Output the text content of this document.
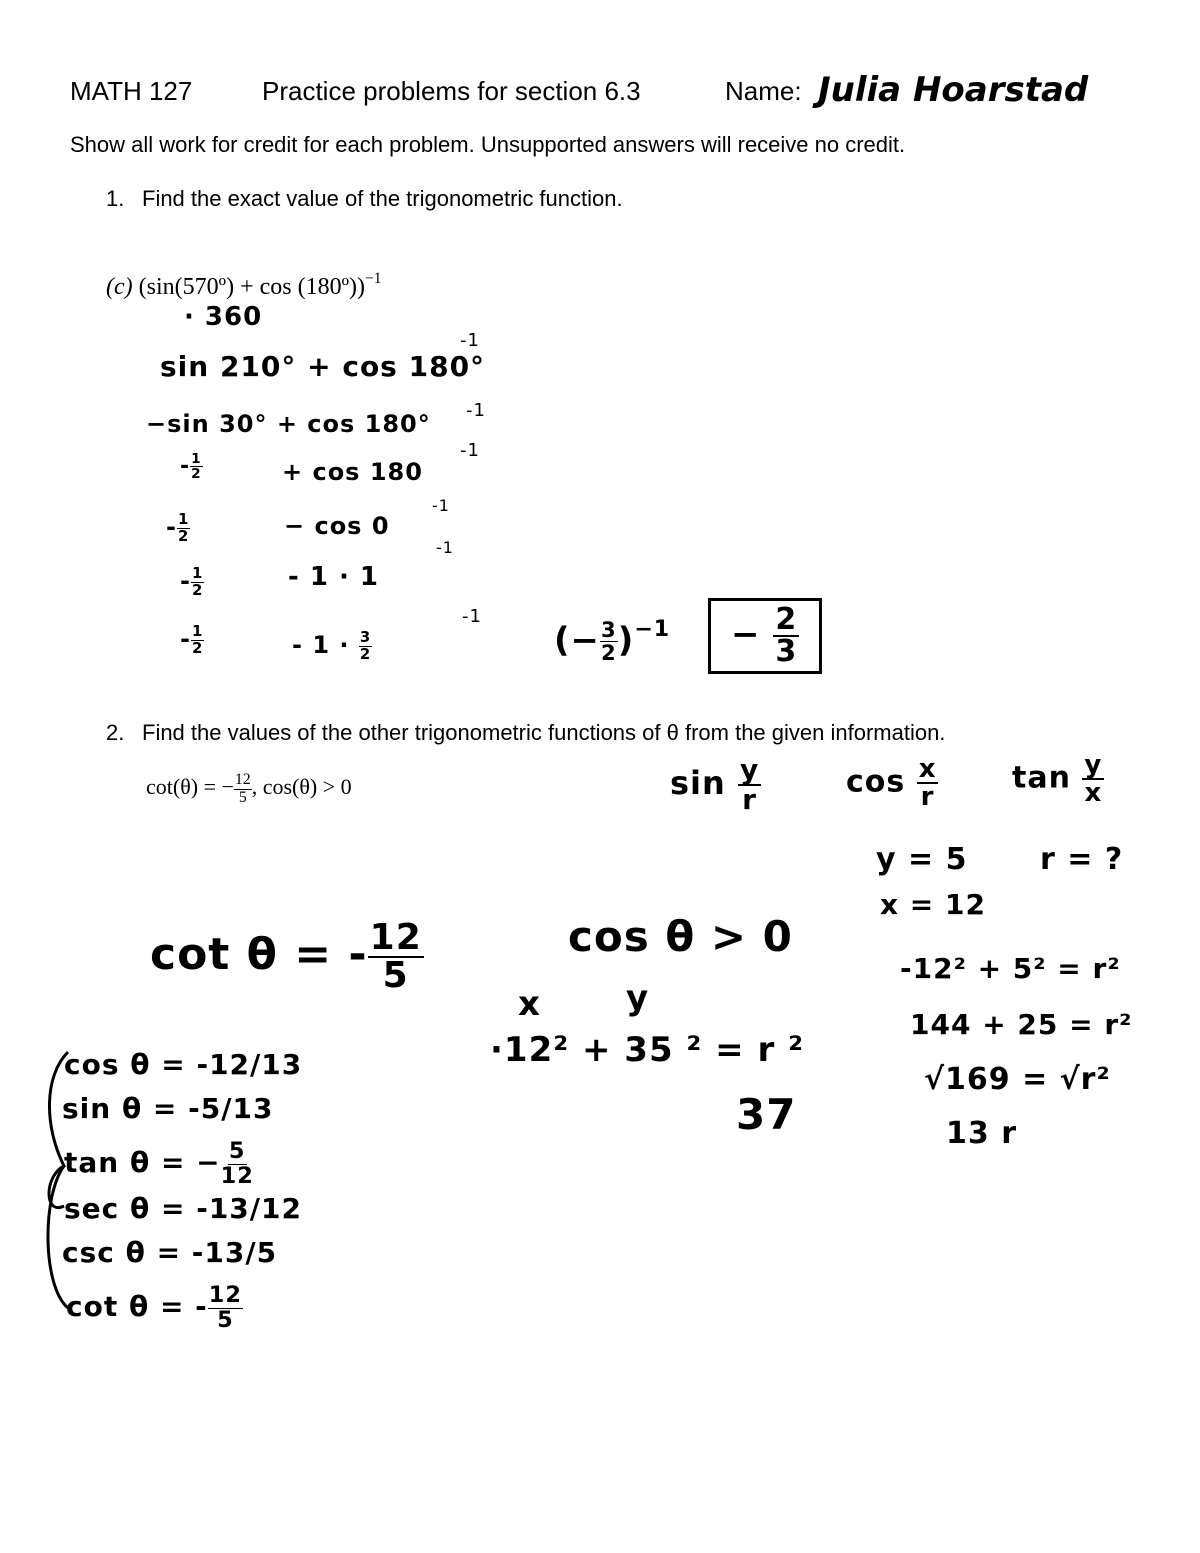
MATH 127	Practice problems for section 6.3	Name: Julia Hoarstad
Show all work for credit for each problem. Unsupported answers will receive no credit.
1. Find the exact value of the trigonometric function.
(c) (sin(570º) + cos (180º))$^{-1}$
· 360
sin 210° + cos 180°
-1
−sin 30° + cos 180° -1
- $\frac{1}{2}$	+ cos 180
-1
- $\frac{1}{2}$	− cos 0
-1
- $\frac{1}{2}$	- 1 · 1
-1
- $\frac{1}{2}$	- $1 \cdot \frac{3}{2}$
-1
(− $\frac{3}{2} )^{-1}$	− $\frac{2}{3}$
2. Find the values of the other trigonometric functions of θ from the given information.
cot(θ) = − $\frac{12}{5}$ , cos(θ) > 0	$\sin \frac{y}{r}$	$\cos \frac{x}{r}$ $\tan \frac{y}{x}$
y = 5 r = ?
x = 12
cot θ = - $\frac{12}{5}$	cos θ > 0
-12² + 5² = r²
144 + 25 = r²
x	y
·12² + 35 ² = r ²
37
√169 = √r²
13 r
cos θ = -12/13
sin θ = -5/13
tan θ = − $\frac{5}{12}$
sec θ = -13/12
csc θ = -13/5
cot θ = - $\frac{12}{5}$
